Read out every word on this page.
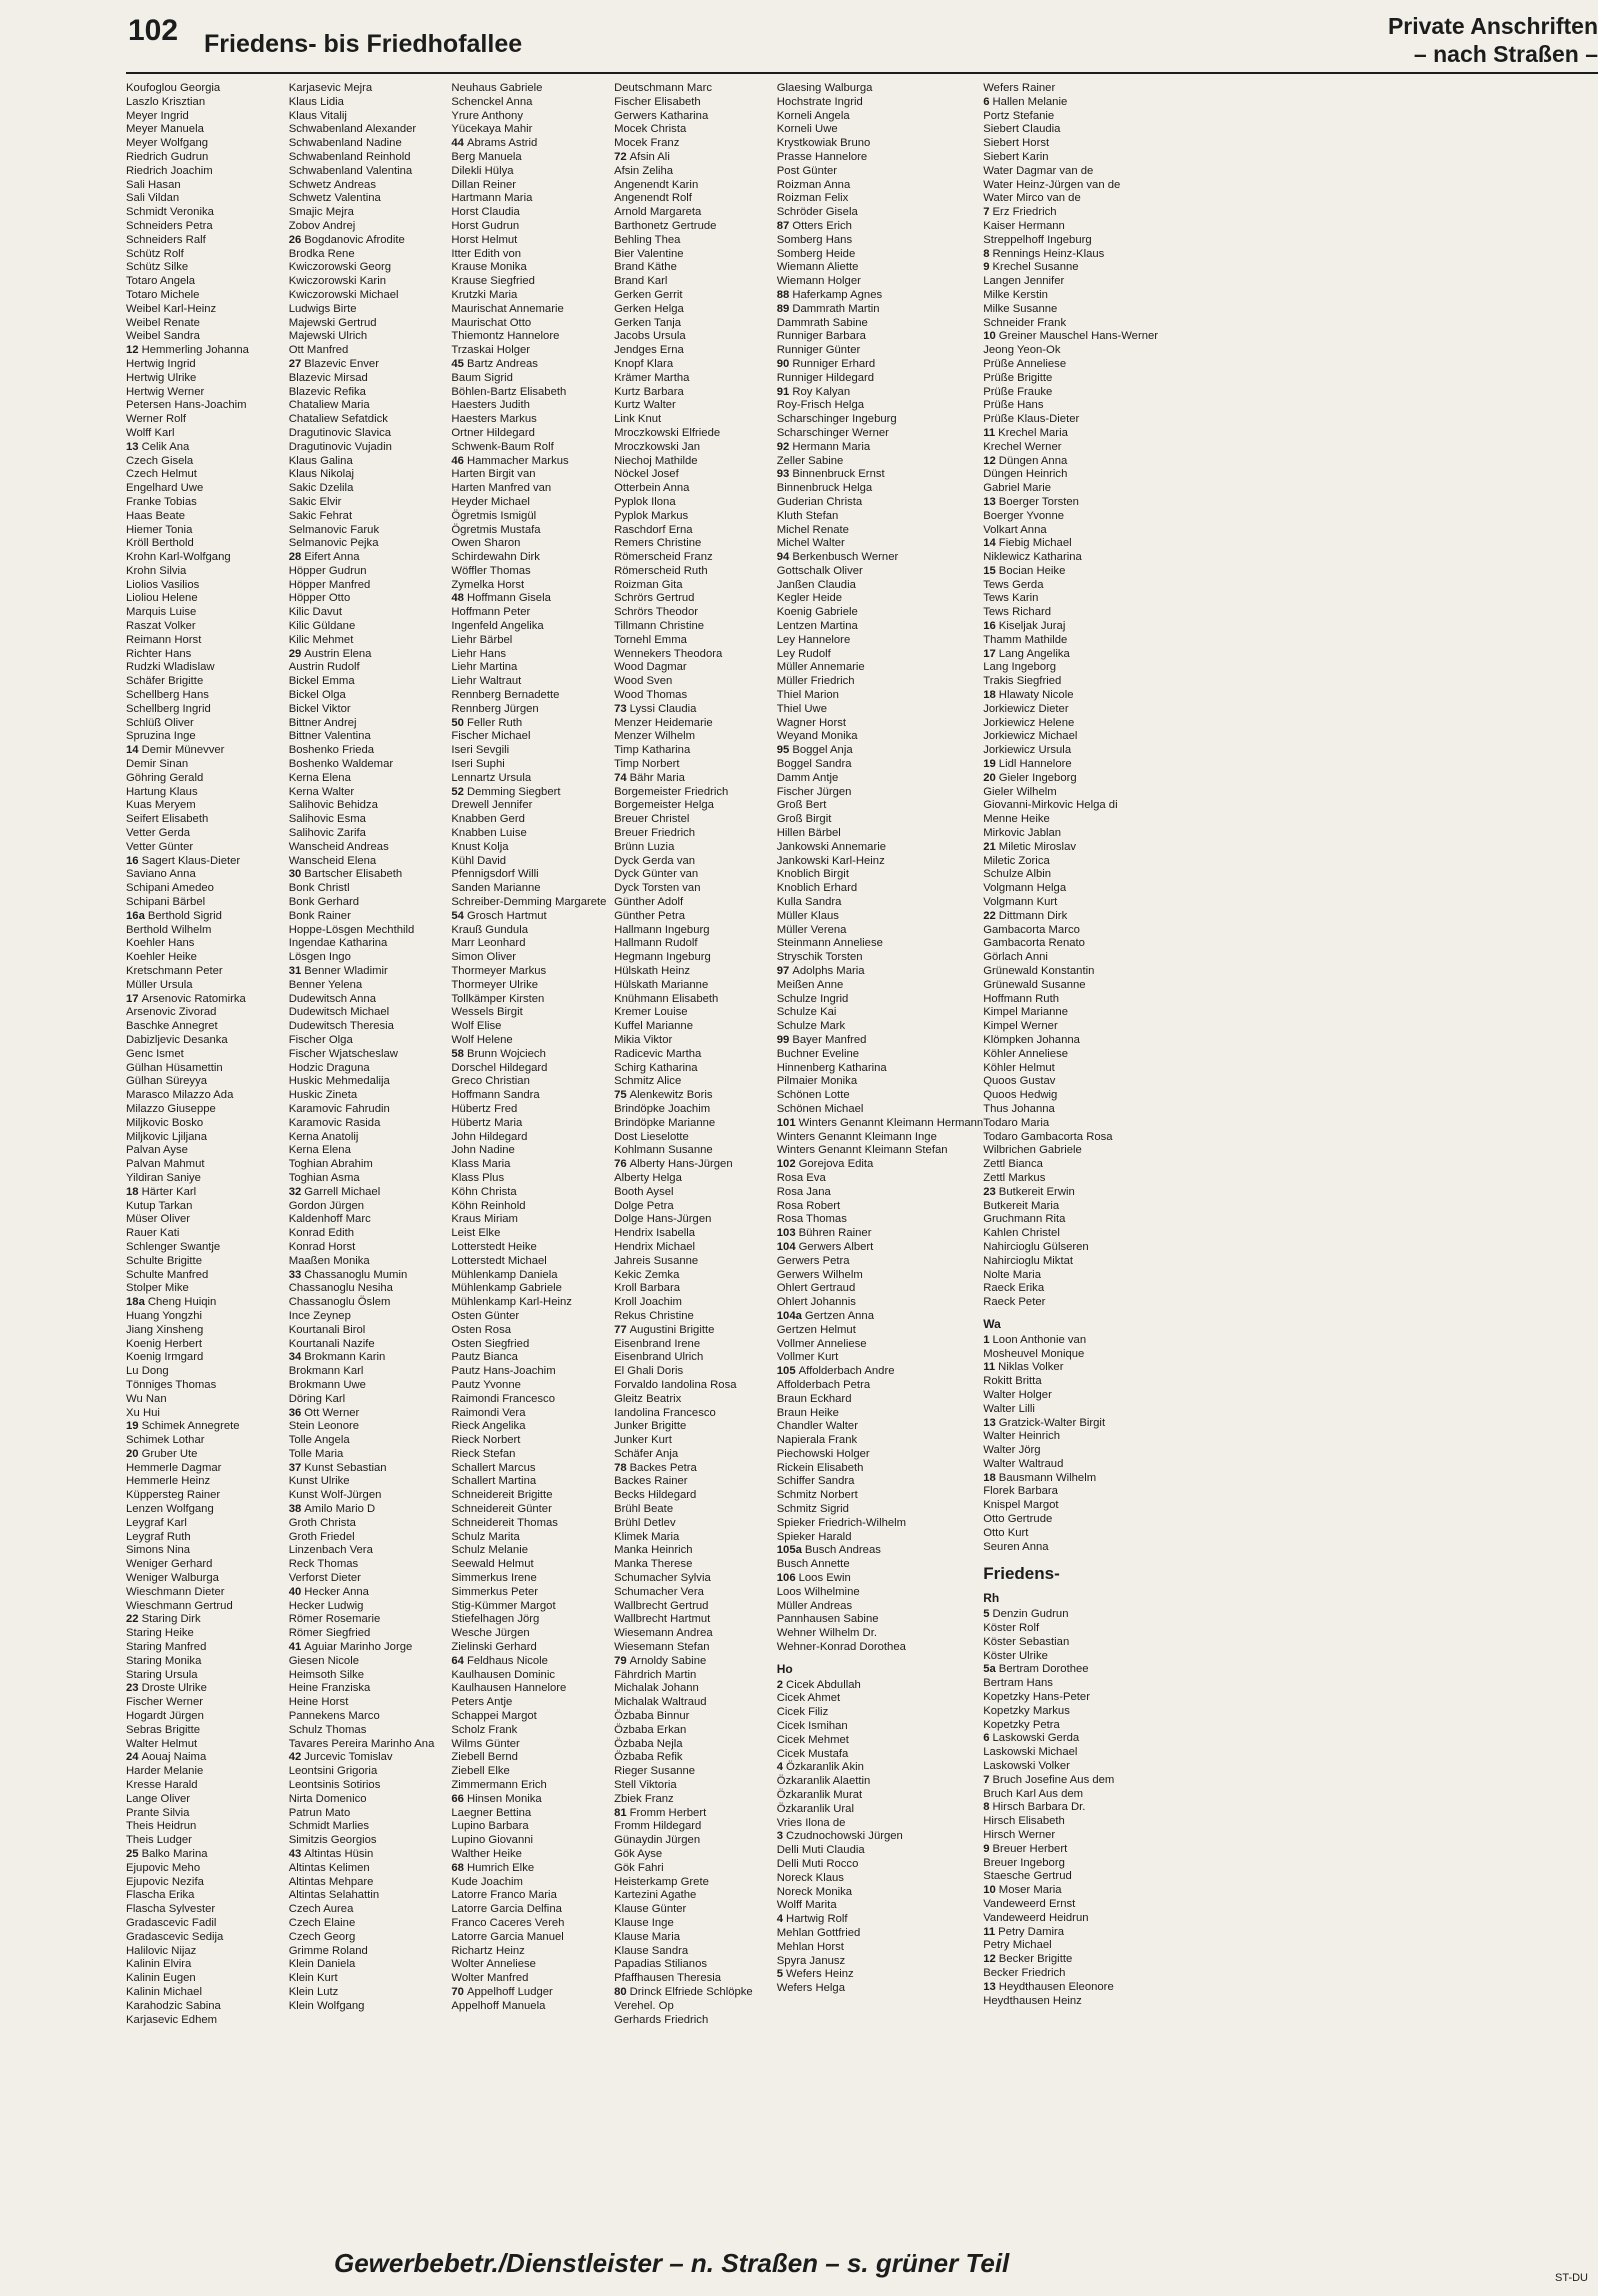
102 Friedens- bis Friedhofallee
Private Anschriften
– nach Straßen –
Koufoglou Georgia
Laszlo Krisztian
Meyer Ingrid
Meyer Manuela
Meyer Wolfgang
Riedrich Gudrun
Riedrich Joachim
Sali Hasan
Sali Vildan
Schmidt Veronika
Schneiders Petra
Schneiders Ralf
Schütz Rolf
Schütz Silke
Totaro Angela
Totaro Michele
Weibel Karl-Heinz
Weibel Renate
Weibel Sandra
12 Hemmerling Johanna
Hertwig Ingrid
Hertwig Ulrike
Hertwig Werner
Petersen Hans-Joachim
Werner Rolf
Wolff Karl
13 Celik Ana
Czech Gisela
Czech Helmut
Engelhard Uwe
Franke Tobias
Haas Beate
Hiemer Tonia
Kröll Berthold
Krohn Karl-Wolfgang
Krohn Silvia
Liolios Vasilios
Lioliou Helene
Marquis Luise
Raszat Volker
Reimann Horst
Richter Hans
Rudzki Wladislaw
Schäfer Brigitte
Schellberg Hans
Schellberg Ingrid
Schlüß Oliver
Spruzina Inge
14 Demir Münevver
Demir Sinan
Göhring Gerald
Hartung Klaus
Kuas Meryem
Seifert Elisabeth
Vetter Gerda
Vetter Günter
16 Sagert Klaus-Dieter
Saviano Anna
Schipani Amedeo
Schipani Bärbel
16a Berthold Sigrid
Berthold Wilhelm
Koehler Hans
Koehler Heike
Kretschmann Peter
Müller Ursula
17 Arsenovic Ratomirka
Arsenovic Zivorad
Baschke Annegret
Dabizljevic Desanka
Genc Ismet
Gülhan Hüsamettin
Gülhan Süreyya
Marasco Milazzo Ada
Milazzo Giuseppe
Miljkovic Bosko
Miljkovic Ljiljana
Palvan Ayse
Palvan Mahmut
Yildiran Saniye
18 Härter Karl
Kutup Tarkan
Müser Oliver
Rauer Kati
Schlenger Swantje
Schulte Brigitte
Schulte Manfred
Stolper Mike
18a Cheng Huiqin
Huang Yongzhi
Jiang Xinsheng
Koenig Herbert
Koenig Irmgard
Lu Dong
Tönniges Thomas
Wu Nan
Xu Hui
19 Schimek Annegrete
Schimek Lothar
20 Gruber Ute
Hemmerle Dagmar
Hemmerle Heinz
Küppersteg Rainer
Lenzen Wolfgang
Leygraf Karl
Leygraf Ruth
Simons Nina
Weniger Gerhard
Weniger Walburga
Wieschmann Dieter
Wieschmann Gertrud
22 Staring Dirk
Staring Heike
Staring Manfred
Staring Monika
Staring Ursula
23 Droste Ulrike
Fischer Werner
Hogardt Jürgen
Sebras Brigitte
Walter Helmut
24 Aouaj Naima
Harder Melanie
Kresse Harald
Lange Oliver
Prante Silvia
Theis Heidrun
Theis Ludger
25 Balko Marina
Ejupovic Meho
Ejupovic Nezifa
Flascha Erika
Flascha Sylvester
Gradascevic Fadil
Gradascevic Sedija
Halilovic Nijaz
Kalinin Elvira
Kalinin Eugen
Kalinin Michael
Karahodzic Sabina
Karjasevic Edhem
Karjasevic Mejra
Klaus Lidia
Klaus Vitalij
Schwabenland Alexander
Schwabenland Nadine
Schwabenland Reinhold
Schwabenland Valentina
Schwetz Andreas
Schwetz Valentina
Smajic Mejra
Zobov Andrej
26 Bogdanovic Afrodite
Brodka Rene
Kwiczorowski Georg
Kwiczorowski Karin
Kwiczorowski Michael
Ludwigs Birte
Majewski Gertrud
Majewski Ulrich
Ott Manfred
27 Blazevic Enver
Blazevic Mirsad
Blazevic Refika
Chataliew Maria
Chataliew Sefatdick
Dragutinovic Slavica
Dragutinovic Vujadin
Klaus Galina
Klaus Nikolaj
Sakic Dzelila
Sakic Elvir
Sakic Fehrat
Selmanovic Faruk
Selmanovic Pejka
28 Eifert Anna
Höpper Gudrun
Höpper Manfred
Höpper Otto
Kilic Davut
Kilic Güldane
Kilic Mehmet
29 Austrin Elena
Austrin Rudolf
Bickel Emma
Bickel Olga
Bickel Viktor
Bittner Andrej
Bittner Valentina
Boshenko Frieda
Boshenko Waldemar
Kerna Elena
Kerna Walter
Salihovic Behidza
Salihovic Esma
Salihovic Zarifa
Wanscheid Andreas
Wanscheid Elena
30 Bartscher Elisabeth
Bonk Christl
Bonk Gerhard
Bonk Rainer
Hoppe-Lösgen Mechthild
Ingendae Katharina
Lösgen Ingo
31 Benner Wladimir
Benner Yelena
Dudewitsch Anna
Dudewitsch Michael
Dudewitsch Theresia
Fischer Olga
Fischer Wjatscheslaw
Hodzic Draguna
Huskic Mehmedalija
Huskic Zineta
Karamovic Fahrudin
Karamovic Rasida
Kerna Anatolij
Kerna Elena
Toghian Abrahim
Toghian Asma
32 Garrell Michael
Gordon Jürgen
Kaldenhoff Marc
Konrad Edith
Konrad Horst
Maaßen Monika
33 Chassanoglu Mumin
Chassanoglu Nesiha
Chassanoglu Öslem
Ince Zeynep
Kourtanali Birol
Kourtanali Nazife
34 Brokmann Karin
Brokmann Karl
Brokmann Uwe
Döring Karl
36 Ott Werner
Stein Leonore
Tolle Angela
Tolle Maria
37 Kunst Sebastian
Kunst Ulrike
Kunst Wolf-Jürgen
38 Amilo Mario D
Groth Christa
Groth Friedel
Linzenbach Vera
Reck Thomas
Verforst Dieter
40 Hecker Anna
Hecker Ludwig
Römer Rosemarie
Römer Siegfried
41 Aguiar Marinho Jorge
Giesen Nicole
Heimsoth Silke
Heine Franziska
Heine Horst
Pannekens Marco
Schulz Thomas
Tavares Pereira Marinho Ana
42 Jurcevic Tomislav
Leontsini Grigoria
Leontsinis Sotirios
Nirta Domenico
Patrun Mato
Schmidt Marlies
Simitzis Georgios
43 Altintas Hüsin
Altintas Kelimen
Altintas Mehpare
Altintas Selahattin
Czech Aurea
Czech Elaine
Czech Georg
Grimme Roland
Klein Daniela
Klein Kurt
Klein Lutz
Klein Wolfgang
Neuhaus Gabriele
Schenckel Anna
Yrure Anthony
Yücekaya Mahir
44 Abrams Astrid
Berg Manuela
Dilekli Hülya
Dillan Reiner
Hartmann Maria
Horst Claudia
Horst Gudrun
Horst Helmut
Itter Edith von
Krause Monika
Krause Siegfried
Krutzki Maria
Maurischat Annemarie
Maurischat Otto
Thiemontz Hannelore
Trzaskai Holger
45 Bartz Andreas
Baum Sigrid
Böhlen-Bartz Elisabeth
Haesters Judith
Haesters Markus
Ortner Hildegard
Schwenk-Baum Rolf
46 Hammacher Markus
Harten Birgit van
Harten Manfred van
Heyder Michael
Ögretmis Ismigül
Ögretmis Mustafa
Owen Sharon
Schirdewahn Dirk
Wöffler Thomas
Zymelka Horst
48 Hoffmann Gisela
Hoffmann Peter
Ingenfeld Angelika
Liehr Bärbel
Liehr Hans
Liehr Martina
Liehr Waltraut
Rennberg Bernadette
Rennberg Jürgen
50 Feller Ruth
Fischer Michael
Iseri Sevgili
Iseri Suphi
Lennartz Ursula
52 Demming Siegbert
Drewell Jennifer
Knabben Gerd
Knabben Luise
Knust Kolja
Kühl David
Pfennigsdorf Willi
Sanden Marianne
Schreiber-Demming Margarete
54 Grosch Hartmut
Krauß Gundula
Marr Leonhard
Simon Oliver
Thormeyer Markus
Thormeyer Ulrike
Tollkämper Kirsten
Wessels Birgit
Wolf Elise
Wolf Helene
58 Brunn Wojciech
Dorschel Hildegard
Greco Christian
Hoffmann Sandra
Hübertz Fred
Hübertz Maria
John Hildegard
John Nadine
Klass Maria
Klass Plus
Köhn Christa
Köhn Reinhold
Kraus Miriam
Leist Elke
Lotterstedt Heike
Lotterstedt Michael
Mühlenkamp Daniela
Mühlenkamp Gabriele
Mühlenkamp Karl-Heinz
Osten Günter
Osten Rosa
Osten Siegfried
Pautz Bianca
Pautz Hans-Joachim
Pautz Yvonne
Raimondi Francesco
Raimondi Vera
Rieck Angelika
Rieck Norbert
Rieck Stefan
Schallert Marcus
Schallert Martina
Schneidereit Brigitte
Schneidereit Günter
Schneidereit Thomas
Schulz Marita
Schulz Melanie
Seewald Helmut
Simmerkus Irene
Simmerkus Peter
Stig-Kümmer Margot
Stiefelhagen Jörg
Wesche Jürgen
Zielinski Gerhard
64 Feldhaus Nicole
Kaulhausen Dominic
Kaulhausen Hannelore
Peters Antje
Schappei Margot
Scholz Frank
Wilms Günter
Ziebell Bernd
Ziebell Elke
Zimmermann Erich
66 Hinsen Monika
Laegner Bettina
Lupino Barbara
Lupino Giovanni
Walther Heike
68 Humrich Elke
Kude Joachim
Latorre Franco Maria
Latorre Garcia Delfina
Franco Caceres Vereh
Latorre Garcia Manuel
Richartz Heinz
Wolter Anneliese
Wolter Manfred
70 Appelhoff Ludger
Appelhoff Manuela
Deutschmann Marc
Fischer Elisabeth
Gerwers Katharina
Mocek Christa
Mocek Franz
72 Afsin Ali
Afsin Zeliha
Angenendt Karin
Angenendt Rolf
Arnold Margareta
Barthonetz Gertrude
Behling Thea
Bier Valentine
Brand Käthe
Brand Karl
Gerken Gerrit
Gerken Helga
Gerken Tanja
Jacobs Ursula
Jendges Erna
Knopf Klara
Krämer Martha
Kurtz Barbara
Kurtz Walter
Link Knut
Mroczkowski Elfriede
Mroczkowski Jan
Niechoj Mathilde
Nöckel Josef
Otterbein Anna
Pyplok Ilona
Pyplok Markus
Raschdorf Erna
Remers Christine
Römerscheid Franz
Römerscheid Ruth
Roizman Gita
Schrörs Gertrud
Schrörs Theodor
Tillmann Christine
Tornehl Emma
Wennekers Theodora
Wood Dagmar
Wood Sven
Wood Thomas
73 Lyssi Claudia
Menzer Heidemarie
Menzer Wilhelm
Timp Katharina
Timp Norbert
74 Bähr Maria
Borgemeister Friedrich
Borgemeister Helga
Breuer Christel
Breuer Friedrich
Brünn Luzia
Dyck Gerda van
Dyck Günter van
Dyck Torsten van
Günther Adolf
Günther Petra
Hallmann Ingeburg
Hallmann Rudolf
Hegmann Ingeburg
Hülskath Heinz
Hülskath Marianne
Knühmann Elisabeth
Kremer Louise
Kuffel Marianne
Mikia Viktor
Radicevic Martha
Schirg Katharina
Schmitz Alice
75 Alenkewitz Boris
Brindöpke Joachim
Brindöpke Marianne
Dost Lieselotte
Kohlmann Susanne
76 Alberty Hans-Jürgen
Alberty Helga
Booth Aysel
Dolge Petra
Dolge Hans-Jürgen
Hendrix Isabella
Hendrix Michael
Jahreis Susanne
Kekic Zemka
Kroll Barbara
Kroll Joachim
Rekus Christine
77 Augustini Brigitte
Eisenbrand Irene
Eisenbrand Ulrich
El Ghali Doris
Forvaldo Iandolina Rosa
Gleitz Beatrix
Iandolina Francesco
Junker Brigitte
Junker Kurt
Schäfer Anja
78 Backes Petra
Backes Rainer
Becks Hildegard
Brühl Beate
Brühl Detlev
Klimek Maria
Manka Heinrich
Manka Therese
Schumacher Sylvia
Schumacher Vera
Wallbrecht Gertrud
Wallbrecht Hartmut
Wiesemann Andrea
Wiesemann Stefan
79 Arnoldy Sabine
Fährdrich Martin
Michalak Johann
Michalak Waltraud
Özbaba Binnur
Özbaba Erkan
Özbaba Nejla
Özbaba Refik
Rieger Susanne
Stell Viktoria
Zbiek Franz
81 Fromm Herbert
Fromm Hildegard
Günaydin Jürgen
Gök Ayse
Gök Fahri
Heisterkamp Grete
Kartezini Agathe
Klause Günter
Klause Inge
Klause Maria
Klause Sandra
Papadias Stilianos
Pfaffhausen Theresia
80 Drinck Elfriede Schlöpke
Verehel. Op
Gerhards Friedrich
Glaesing Walburga
Hochstrate Ingrid
Korneli Angela
Korneli Uwe
Krystkowiak Bruno
Prasse Hannelore
Post Günter
Roizman Anna
Roizman Felix
Schröder Gisela
87 Otters Erich
Somberg Hans
Somberg Heide
Wiemann Aliette
Wiemann Holger
88 Haferkamp Agnes
89 Dammrath Martin
Dammrath Sabine
Runniger Barbara
Runniger Günter
90 Runniger Erhard
Runniger Hildegard
91 Roy Kalyan
Roy-Frisch Helga
Scharschinger Ingeburg
Scharschinger Werner
92 Hermann Maria
Zeller Sabine
93 Binnenbruck Ernst
Binnenbruck Helga
Guderian Christa
Kluth Stefan
Michel Renate
Michel Walter
94 Berkenbusch Werner
Gottschalk Oliver
Janßen Claudia
Kegler Heide
Koenig Gabriele
Lentzen Martina
Ley Hannelore
Ley Rudolf
Müller Annemarie
Müller Friedrich
Thiel Marion
Thiel Uwe
Wagner Horst
Weyand Monika
95 Boggel Anja
Boggel Sandra
Damm Antje
Fischer Jürgen
Groß Bert
Groß Birgit
Hillen Bärbel
Jankowski Annemarie
Jankowski Karl-Heinz
Knoblich Birgit
Knoblich Erhard
Kulla Sandra
Müller Klaus
Müller Verena
Steinmann Anneliese
Stryschik Torsten
97 Adolphs Maria
Meißen Anne
Schulze Ingrid
Schulze Kai
Schulze Mark
99 Bayer Manfred
Buchner Eveline
Hinnenberg Katharina
Pilmaier Monika
Schönen Lotte
Schönen Michael
101 Winters Genannt Kleimann Hermann
Winters Genannt Kleimann Inge
Winters Genannt Kleimann Stefan
102 Gorejova Edita
Rosa Eva
Rosa Jana
Rosa Robert
Rosa Thomas
103 Bühren Rainer
104 Gerwers Albert
Gerwers Petra
Gerwers Wilhelm
Ohlert Gertraud
Ohlert Johannis
104a Gertzen Anna
Gertzen Helmut
Vollmer Anneliese
Vollmer Kurt
105 Affolderbach Andre
Affolderbach Petra
Braun Eckhard
Braun Heike
Chandler Walter
Napierala Frank
Piechowski Holger
Rickein Elisabeth
Schiffer Sandra
Schmitz Norbert
Schmitz Sigrid
Spieker Friedrich-Wilhelm
Spieker Harald
105a Busch Andreas
Busch Annette
106 Loos Ewin
Loos Wilhelmine
Müller Andreas
Pannhausen Sabine
Wehner Wilhelm Dr.
Wehner-Konrad Dorothea
Ho
2 Cicek Abdullah
Cicek Ahmet
Cicek Filiz
Cicek Ismihan
Cicek Mehmet
Cicek Mustafa
4 Özkaranlik Akin
Özkaranlik Alaettin
Özkaranlik Murat
Özkaranlik Ural
Vries Ilona de
3 Czudnochowski Jürgen
Delli Muti Claudia
Delli Muti Rocco
Noreck Klaus
Noreck Monika
Wolff Marita
4 Hartwig Rolf
Mehlan Gottfried
Mehlan Horst
Spyra Janusz
5 Wefers Heinz
Wefers Helga
Wefers Rainer
6 Hallen Melanie
Portz Stefanie
Siebert Claudia
Siebert Horst
Siebert Karin
Water Dagmar van de
Water Heinz-Jürgen van de
Water Mirco van de
7 Erz Friedrich
Kaiser Hermann
Streppelhoff Ingeburg
8 Rennings Heinz-Klaus
9 Krechel Susanne
Langen Jennifer
Milke Kerstin
Milke Susanne
Schneider Frank
10 Greiner Mauschel Hans-Werner
Jeong Yeon-Ok
Prüße Anneliese
Prüße Brigitte
Prüße Frauke
Prüße Hans
Prüße Klaus-Dieter
11 Krechel Maria
Krechel Werner
12 Düngen Anna
Düngen Heinrich
Gabriel Marie
13 Boerger Torsten
Boerger Yvonne
Volkart Anna
14 Fiebig Michael
Niklewicz Katharina
15 Bocian Heike
Tews Gerda
Tews Karin
Tews Richard
16 Kiseljak Juraj
Thamm Mathilde
17 Lang Angelika
Lang Ingeborg
Trakis Siegfried
18 Hlawaty Nicole
Jorkiewicz Dieter
Jorkiewicz Helene
Jorkiewicz Michael
Jorkiewicz Ursula
19 Lidl Hannelore
20 Gieler Ingeborg
Gieler Wilhelm
Giovanni-Mirkovic Helga di
Menne Heike
Mirkovic Jablan
21 Miletic Miroslav
Miletic Zorica
Schulze Albin
Volgmann Helga
Volgmann Kurt
22 Dittmann Dirk
Gambacorta Marco
Gambacorta Renato
Görlach Anni
Grünewald Konstantin
Grünewald Susanne
Hoffmann Ruth
Kimpel Marianne
Kimpel Werner
Klömpken Johanna
Köhler Anneliese
Köhler Helmut
Quoos Gustav
Quoos Hedwig
Thus Johanna
Todaro Maria
Todaro Gambacorta Rosa
Wilbrichen Gabriele
Zettl Bianca
Zettl Markus
23 Butkereit Erwin
Butkereit Maria
Gruchmann Rita
Kahlen Christel
Nahircioglu Gülseren
Nahircioglu Miktat
Nolte Maria
Raeck Erika
Raeck Peter
Wa
1 Loon Anthonie van
Mosheuvel Monique
11 Niklas Volker
Rokitt Britta
Walter Holger
Walter Lilli
13 Gratzick-Walter Birgit
Walter Heinrich
Walter Jörg
Walter Waltraud
18 Bausmann Wilhelm
Florek Barbara
Knispel Margot
Otto Gertrude
Otto Kurt
Seuren Anna
Friedens-
Rh
5 Denzin Gudrun
Köster Rolf
Köster Sebastian
Köster Ulrike
5a Bertram Dorothee
Bertram Hans
Kopetzky Hans-Peter
Kopetzky Markus
Kopetzky Petra
6 Laskowski Gerda
Laskowski Michael
Laskowski Volker
7 Bruch Josefine Aus dem
Bruch Karl Aus dem
8 Hirsch Barbara Dr.
Hirsch Elisabeth
Hirsch Werner
9 Breuer Herbert
Breuer Ingeborg
Staesche Gertrud
10 Moser Maria
Vandeweerd Ernst
Vandeweerd Heidrun
11 Petry Damira
Petry Michael
12 Becker Brigitte
Becker Friedrich
13 Heydthausen Eleonore
Heydthausen Heinz
Gewerbebetr./Dienstleister – n. Straßen – s. grüner Teil	ST-DU
